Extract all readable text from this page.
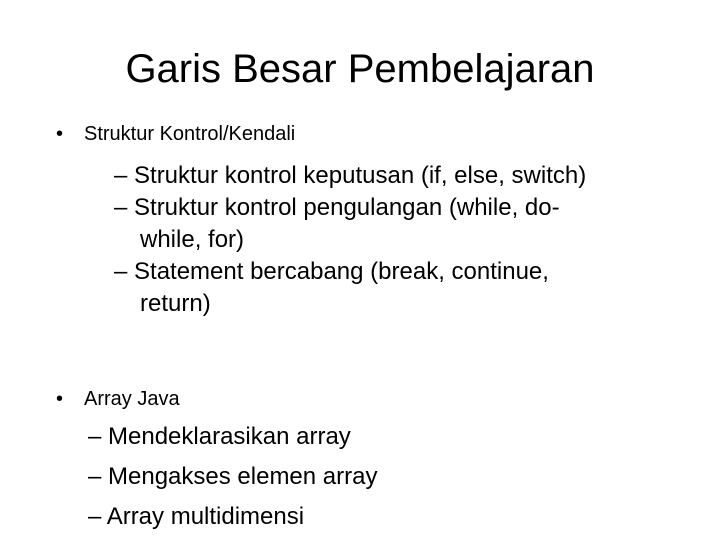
Garis Besar Pembelajaran
• Struktur Kontrol/Kendali
– Struktur kontrol keputusan (if, else, switch)
– Struktur kontrol pengulangan (while, do-
while, for)
– Statement bercabang (break, continue,
return)
• Array Java
– Mendeklarasikan array
– Mengakses elemen array
– Array multidimensi
